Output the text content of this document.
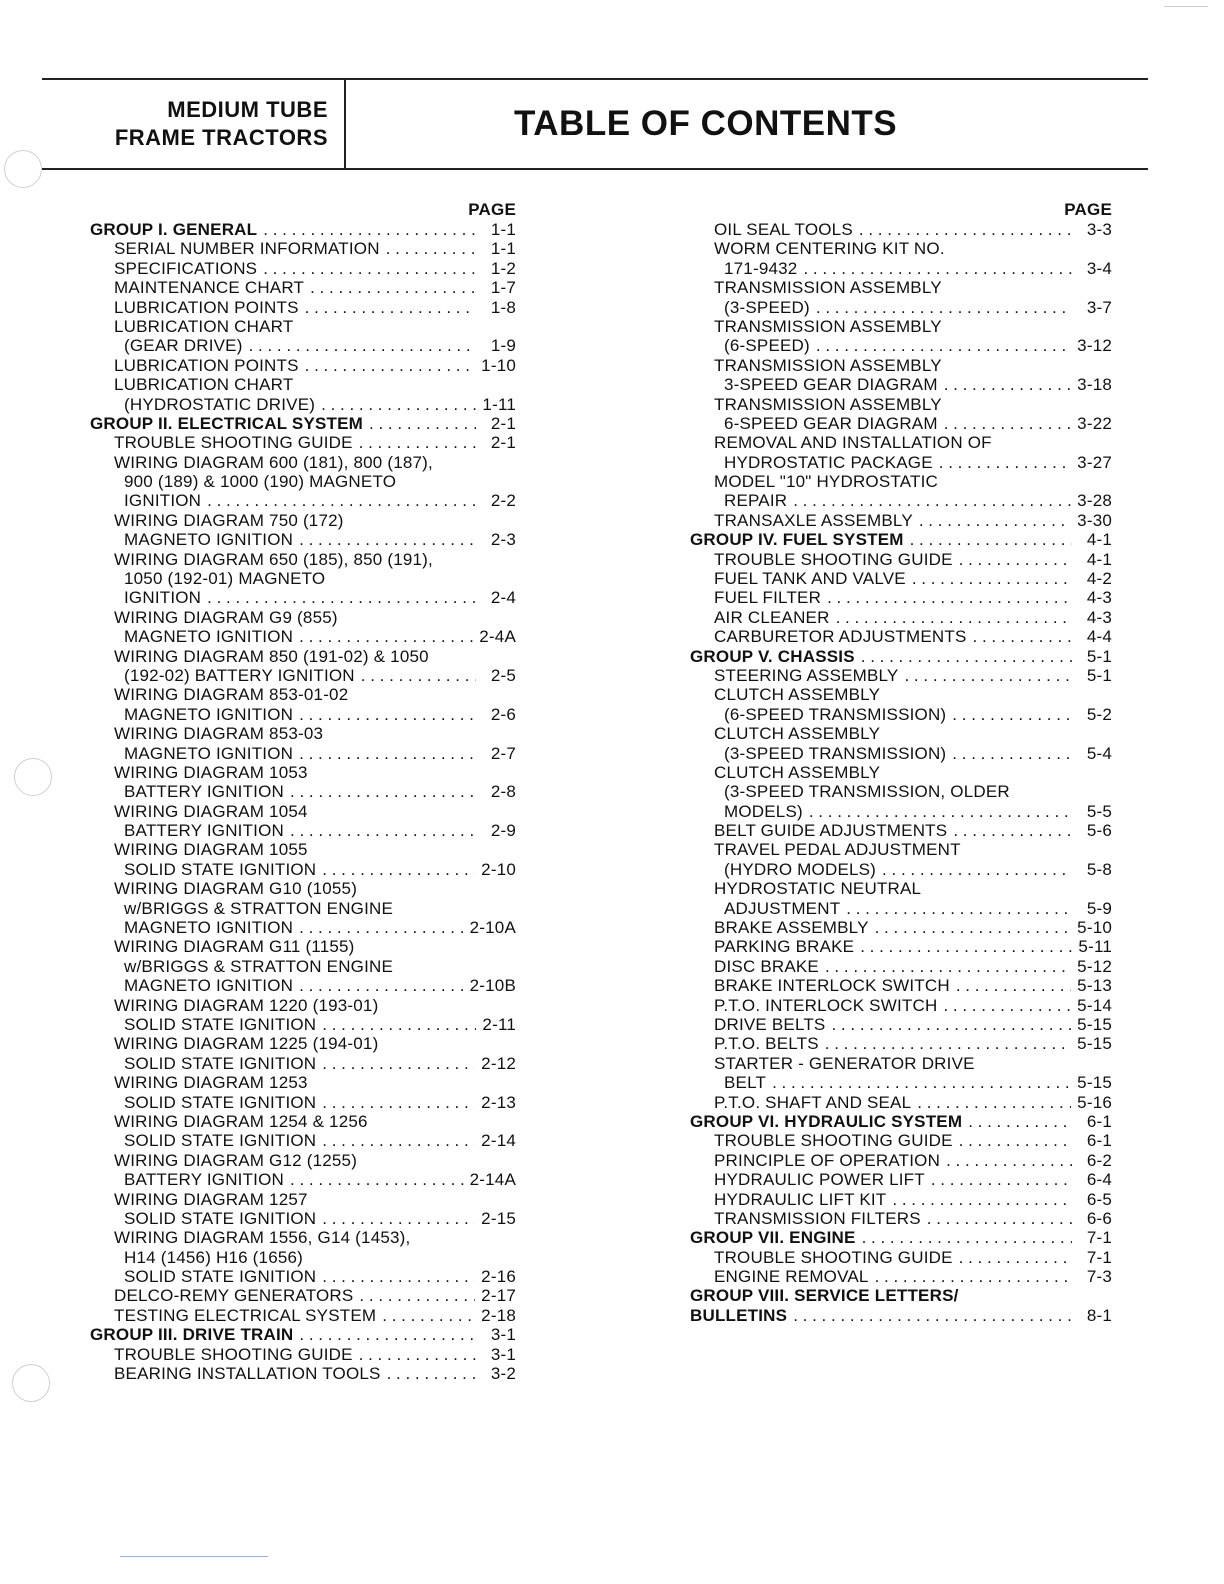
MEDIUM TUBE
FRAME TRACTORS	TABLE OF CONTENTS
PAGE
GROUP I. GENERAL . . .	1-1
SERIAL NUMBER INFORMATION . . .	1-1
SPECIFICATIONS . . .	1-2
MAINTENANCE CHART . . .	1-7
LUBRICATION POINTS . . .	1-8
LUBRICATION CHART
(GEAR DRIVE) . . .	1-9
LUBRICATION POINTS . . .	1-10
LUBRICATION CHART
(HYDROSTATIC DRIVE) . . .	1-11
GROUP II. ELECTRICAL SYSTEM . . .	2-1
TROUBLE SHOOTING GUIDE . . .	2-1
WIRING DIAGRAM 600 (181), 800 (187),
900 (189) & 1000 (190) MAGNETO
IGNITION . . .	2-2
WIRING DIAGRAM 750 (172)
MAGNETO IGNITION . . .	2-3
WIRING DIAGRAM 650 (185), 850 (191),
1050 (192-01) MAGNETO
IGNITION . . .	2-4
WIRING DIAGRAM G9 (855)
MAGNETO IGNITION . . .	2-4A
WIRING DIAGRAM 850 (191-02) & 1050
(192-02) BATTERY IGNITION . . .	2-5
WIRING DIAGRAM 853-01-02
MAGNETO IGNITION . . .	2-6
WIRING DIAGRAM 853-03
MAGNETO IGNITION . . .	2-7
WIRING DIAGRAM 1053
BATTERY IGNITION . . .	2-8
WIRING DIAGRAM 1054
BATTERY IGNITION . . .	2-9
WIRING DIAGRAM 1055
SOLID STATE IGNITION . . .	2-10
WIRING DIAGRAM G10 (1055)
w/BRIGGS & STRATTON ENGINE
MAGNETO IGNITION . . .	2-10A
WIRING DIAGRAM G11 (1155)
w/BRIGGS & STRATTON ENGINE
MAGNETO IGNITION . . .	2-10B
WIRING DIAGRAM 1220 (193-01)
SOLID STATE IGNITION . . .	2-11
WIRING DIAGRAM 1225 (194-01)
SOLID STATE IGNITION . . .	2-12
WIRING DIAGRAM 1253
SOLID STATE IGNITION . . .	2-13
WIRING DIAGRAM 1254 & 1256
SOLID STATE IGNITION . . .	2-14
WIRING DIAGRAM G12 (1255)
BATTERY IGNITION . . .	2-14A
WIRING DIAGRAM 1257
SOLID STATE IGNITION . . .	2-15
WIRING DIAGRAM 1556, G14 (1453),
H14 (1456) H16 (1656)
SOLID STATE IGNITION . . .	2-16
DELCO-REMY GENERATORS . . .	2-17
TESTING ELECTRICAL SYSTEM . . .	2-18
GROUP III. DRIVE TRAIN . . .	3-1
TROUBLE SHOOTING GUIDE . . .	3-1
BEARING INSTALLATION TOOLS . . .	3-2
PAGE
OIL SEAL TOOLS . . .	3-3
WORM CENTERING KIT NO.
171-9432 . . .	3-4
TRANSMISSION ASSEMBLY
(3-SPEED) . . .	3-7
TRANSMISSION ASSEMBLY
(6-SPEED) . . .	3-12
TRANSMISSION ASSEMBLY
3-SPEED GEAR DIAGRAM . . .	3-18
TRANSMISSION ASSEMBLY
6-SPEED GEAR DIAGRAM . . .	3-22
REMOVAL AND INSTALLATION OF
HYDROSTATIC PACKAGE . . .	3-27
MODEL "10" HYDROSTATIC
REPAIR . . .	3-28
TRANSAXLE ASSEMBLY . . .	3-30
GROUP IV. FUEL SYSTEM . . .	4-1
TROUBLE SHOOTING GUIDE . . .	4-1
FUEL TANK AND VALVE . . .	4-2
FUEL FILTER . . .	4-3
AIR CLEANER . . .	4-3
CARBURETOR ADJUSTMENTS . . .	4-4
GROUP V. CHASSIS . . .	5-1
STEERING ASSEMBLY . . .	5-1
CLUTCH ASSEMBLY
(6-SPEED TRANSMISSION) . . .	5-2
CLUTCH ASSEMBLY
(3-SPEED TRANSMISSION) . . .	5-4
CLUTCH ASSEMBLY
(3-SPEED TRANSMISSION, OLDER
MODELS) . . .	5-5
BELT GUIDE ADJUSTMENTS . . .	5-6
TRAVEL PEDAL ADJUSTMENT
(HYDRO MODELS) . . .	5-8
HYDROSTATIC NEUTRAL
ADJUSTMENT . . .	5-9
BRAKE ASSEMBLY . . .	5-10
PARKING BRAKE . . .	5-11
DISC BRAKE . . .	5-12
BRAKE INTERLOCK SWITCH . . .	5-13
P.T.O. INTERLOCK SWITCH . . .	5-14
DRIVE BELTS . . .	5-15
P.T.O. BELTS . . .	5-15
STARTER - GENERATOR DRIVE
BELT . . .	5-15
P.T.O. SHAFT AND SEAL . . .	5-16
GROUP VI. HYDRAULIC SYSTEM . . .	6-1
TROUBLE SHOOTING GUIDE . . .	6-1
PRINCIPLE OF OPERATION . . .	6-2
HYDRAULIC POWER LIFT . . .	6-4
HYDRAULIC LIFT KIT . . .	6-5
TRANSMISSION FILTERS . . .	6-6
GROUP VII. ENGINE . . .	7-1
TROUBLE SHOOTING GUIDE . . .	7-1
ENGINE REMOVAL . . .	7-3
GROUP VIII. SERVICE LETTERS/
BULLETINS . . .	8-1
